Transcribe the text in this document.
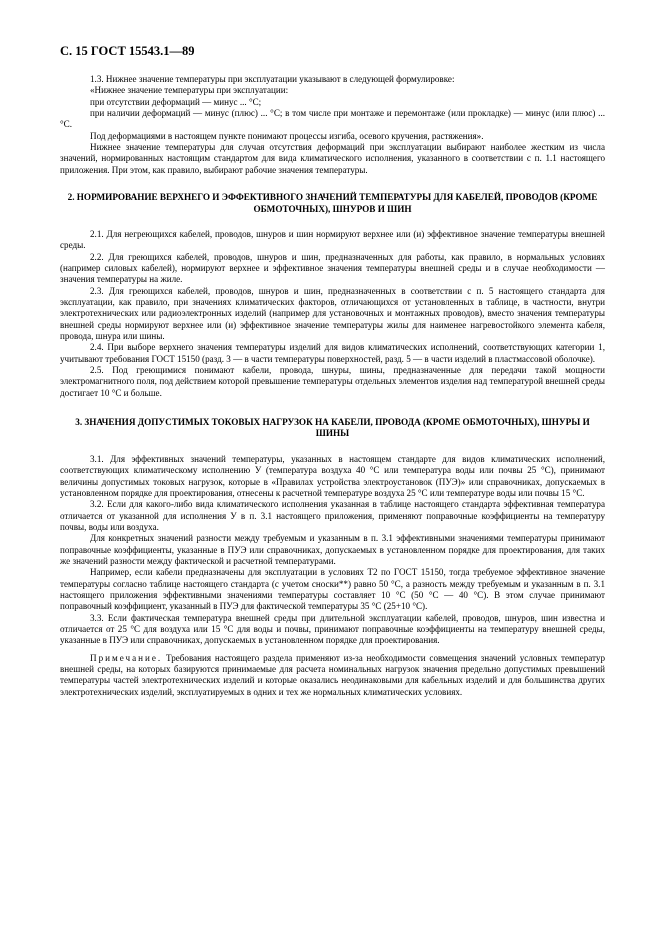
С. 15 ГОСТ 15543.1—89

1.3. Нижнее значение температуры при эксплуатации указывают в следующей формулировке:

«Нижнее значение температуры при эксплуатации:

при отсутствии деформаций — минус ... °С;

при наличии деформаций — минус (плюс) ... °С; в том числе при монтаже и перемонтаже (или прокладке) — минус (или плюс) ... °С.

Под деформациями в настоящем пункте понимают процессы изгиба, осевого кручения, растяжения».

Нижнее значение температуры для случая отсутствия деформаций при эксплуатации выбирают наиболее жестким из числа значений, нормированных настоящим стандартом для вида климатического исполнения, указанного в соответствии с п. 1.1 настоящего приложения. При этом, как правило, выбирают рабочие значения температуры.

2. НОРМИРОВАНИЕ ВЕРХНЕГО И ЭФФЕКТИВНОГО ЗНАЧЕНИЙ ТЕМПЕРАТУРЫ ДЛЯ КАБЕЛЕЙ, ПРОВОДОВ (КРОМЕ ОБМОТОЧНЫХ), ШНУРОВ И ШИН

2.1. Для негреющихся кабелей, проводов, шнуров и шин нормируют верхнее или (и) эффективное значение температуры внешней среды.

2.2. Для греющихся кабелей, проводов, шнуров и шин, предназначенных для работы, как правило, в нормальных условиях (например силовых кабелей), нормируют верхнее и эффективное значения температуры внешней среды и в случае необходимости — значения температуры на жиле.

2.3. Для греющихся кабелей, проводов, шнуров и шин, предназначенных в соответствии с п. 5 настоящего стандарта для эксплуатации, как правило, при значениях климатических факторов, отличающихся от установленных в таблице, в частности, внутри электротехнических или радиоэлектронных изделий (например для установочных и монтажных проводов), вместо значения температуры внешней среды нормируют верхнее или (и) эффективное значение температуры жилы для наименее нагревостойкого элемента кабеля, провода, шнура или шины.

2.4. При выборе верхнего значения температуры изделий для видов климатических исполнений, соответствующих категории 1, учитывают требования ГОСТ 15150 (разд. 3 — в части температуры поверхностей, разд. 5 — в части изделий в пластмассовой оболочке).

2.5. Под греющимися понимают кабели, провода, шнуры, шины, предназначенные для передачи такой мощности электромагнитного поля, под действием которой превышение температуры отдельных элементов изделия над температурой внешней среды достигает 10 °С и больше.

3. ЗНАЧЕНИЯ ДОПУСТИМЫХ ТОКОВЫХ НАГРУЗОК НА КАБЕЛИ, ПРОВОДА (КРОМЕ ОБМОТОЧНЫХ), ШНУРЫ И ШИНЫ

3.1. Для эффективных значений температуры, указанных в настоящем стандарте для видов климатических исполнений, соответствующих климатическому исполнению У (температура воздуха 40 °С или температура воды или почвы 25 °С), принимают величины допустимых токовых нагрузок, которые в «Правилах устройства электроустановок (ПУЭ)» или справочниках, допускаемых в установленном порядке для проектирования, отнесены к расчетной температуре воздуха 25 °С или температуре воды или почвы 15 °С.

3.2. Если для какого-либо вида климатического исполнения указанная в таблице настоящего стандарта эффективная температура отличается от указанной для исполнения У в п. 3.1 настоящего приложения, применяют поправочные коэффициенты на температуру почвы, воды или воздуха.

Для конкретных значений разности между требуемым и указанным в п. 3.1 эффективными значениями температуры принимают поправочные коэффициенты, указанные в ПУЭ или справочниках, допускаемых в установленном порядке для проектирования, для таких же значений разности между фактической и расчетной температурами.

Например, если кабели предназначены для эксплуатации в условиях Т2 по ГОСТ 15150, тогда требуемое эффективное значение температуры согласно таблице настоящего стандарта (с учетом сноски**) равно 50 °С, а разность между требуемым и указанным в п. 3.1 настоящего приложения эффективными значениями температуры составляет 10 °С (50 °С — 40 °С). В этом случае принимают поправочный коэффициент, указанный в ПУЭ для фактической температуры 35 °С (25+10 °С).

3.3. Если фактическая температура внешней среды при длительной эксплуатации кабелей, проводов, шнуров, шин известна и отличается от 25 °С для воздуха или 15 °С для воды и почвы, принимают поправочные коэффициенты на температуру внешней среды, указанные в ПУЭ или справочниках, допускаемых в установленном порядке для проектирования.

Примечание. Требования настоящего раздела применяют из-за необходимости совмещения значений условных температур внешней среды, на которых базируются принимаемые для расчета номинальных нагрузок значения предельно допустимых превышений температуры частей электротехнических изделий и которые оказались неодинаковыми для кабельных изделий и для большинства других электротехнических изделий, эксплуатируемых в одних и тех же нормальных климатических условиях.
